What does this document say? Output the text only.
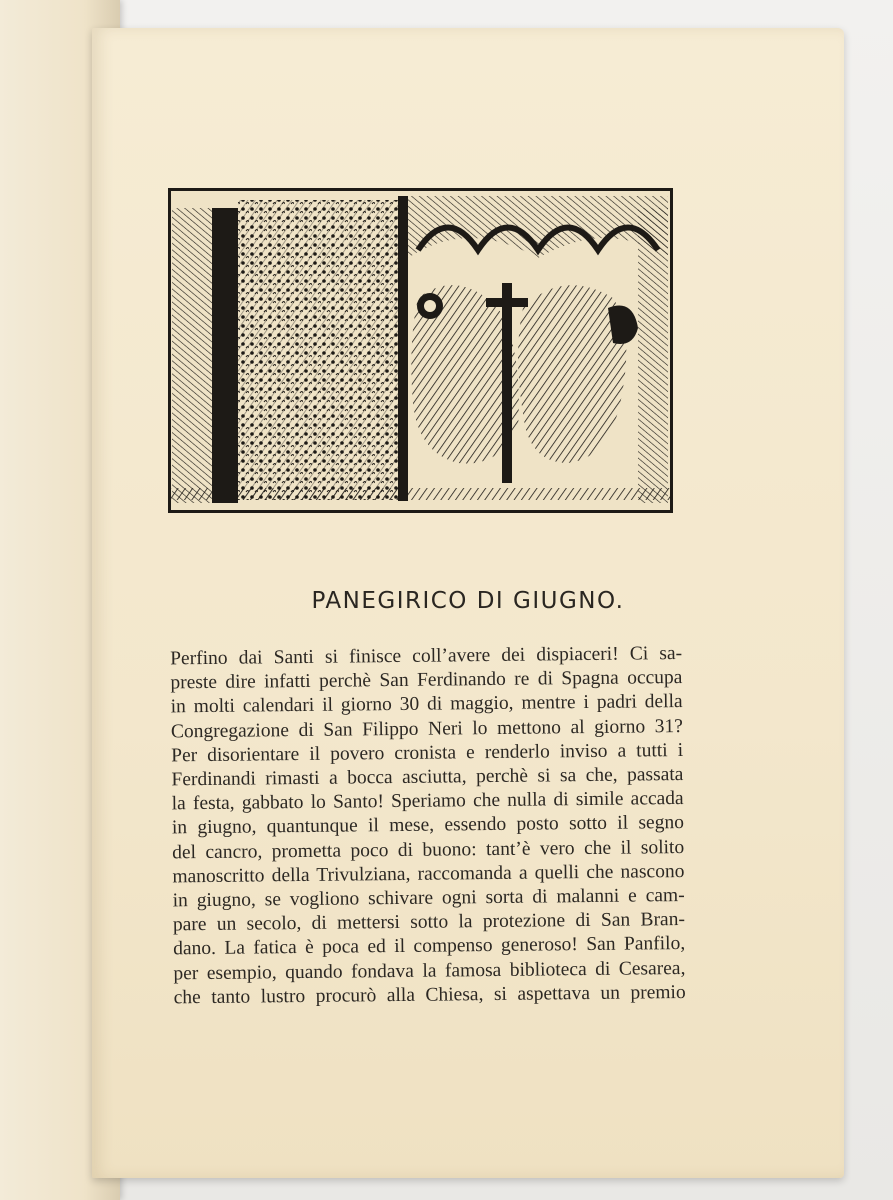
PANEGIRICO DI GIUGNO.
Perfino dai Santi si finisce coll’avere dei dispiaceri! Ci sa-
preste dire infatti perchè San Ferdinando re di Spagna occupa
in molti calendari il giorno 30 di maggio, mentre i padri della
Congregazione di San Filippo Neri lo mettono al giorno 31?
Per disorientare il povero cronista e renderlo inviso a tutti i
Ferdinandi rimasti a bocca asciutta, perchè si sa che, passata
la festa, gabbato lo Santo! Speriamo che nulla di simile accada
in giugno, quantunque il mese, essendo posto sotto il segno
del cancro, prometta poco di buono: tant’è vero che il solito
manoscritto della Trivulziana, raccomanda a quelli che nascono
in giugno, se vogliono schivare ogni sorta di malanni e cam-
pare un secolo, di mettersi sotto la protezione di San Bran-
dano. La fatica è poca ed il compenso generoso! San Panfilo,
per esempio, quando fondava la famosa biblioteca di Cesarea,
che tanto lustro procurò alla Chiesa, si aspettava un premio
